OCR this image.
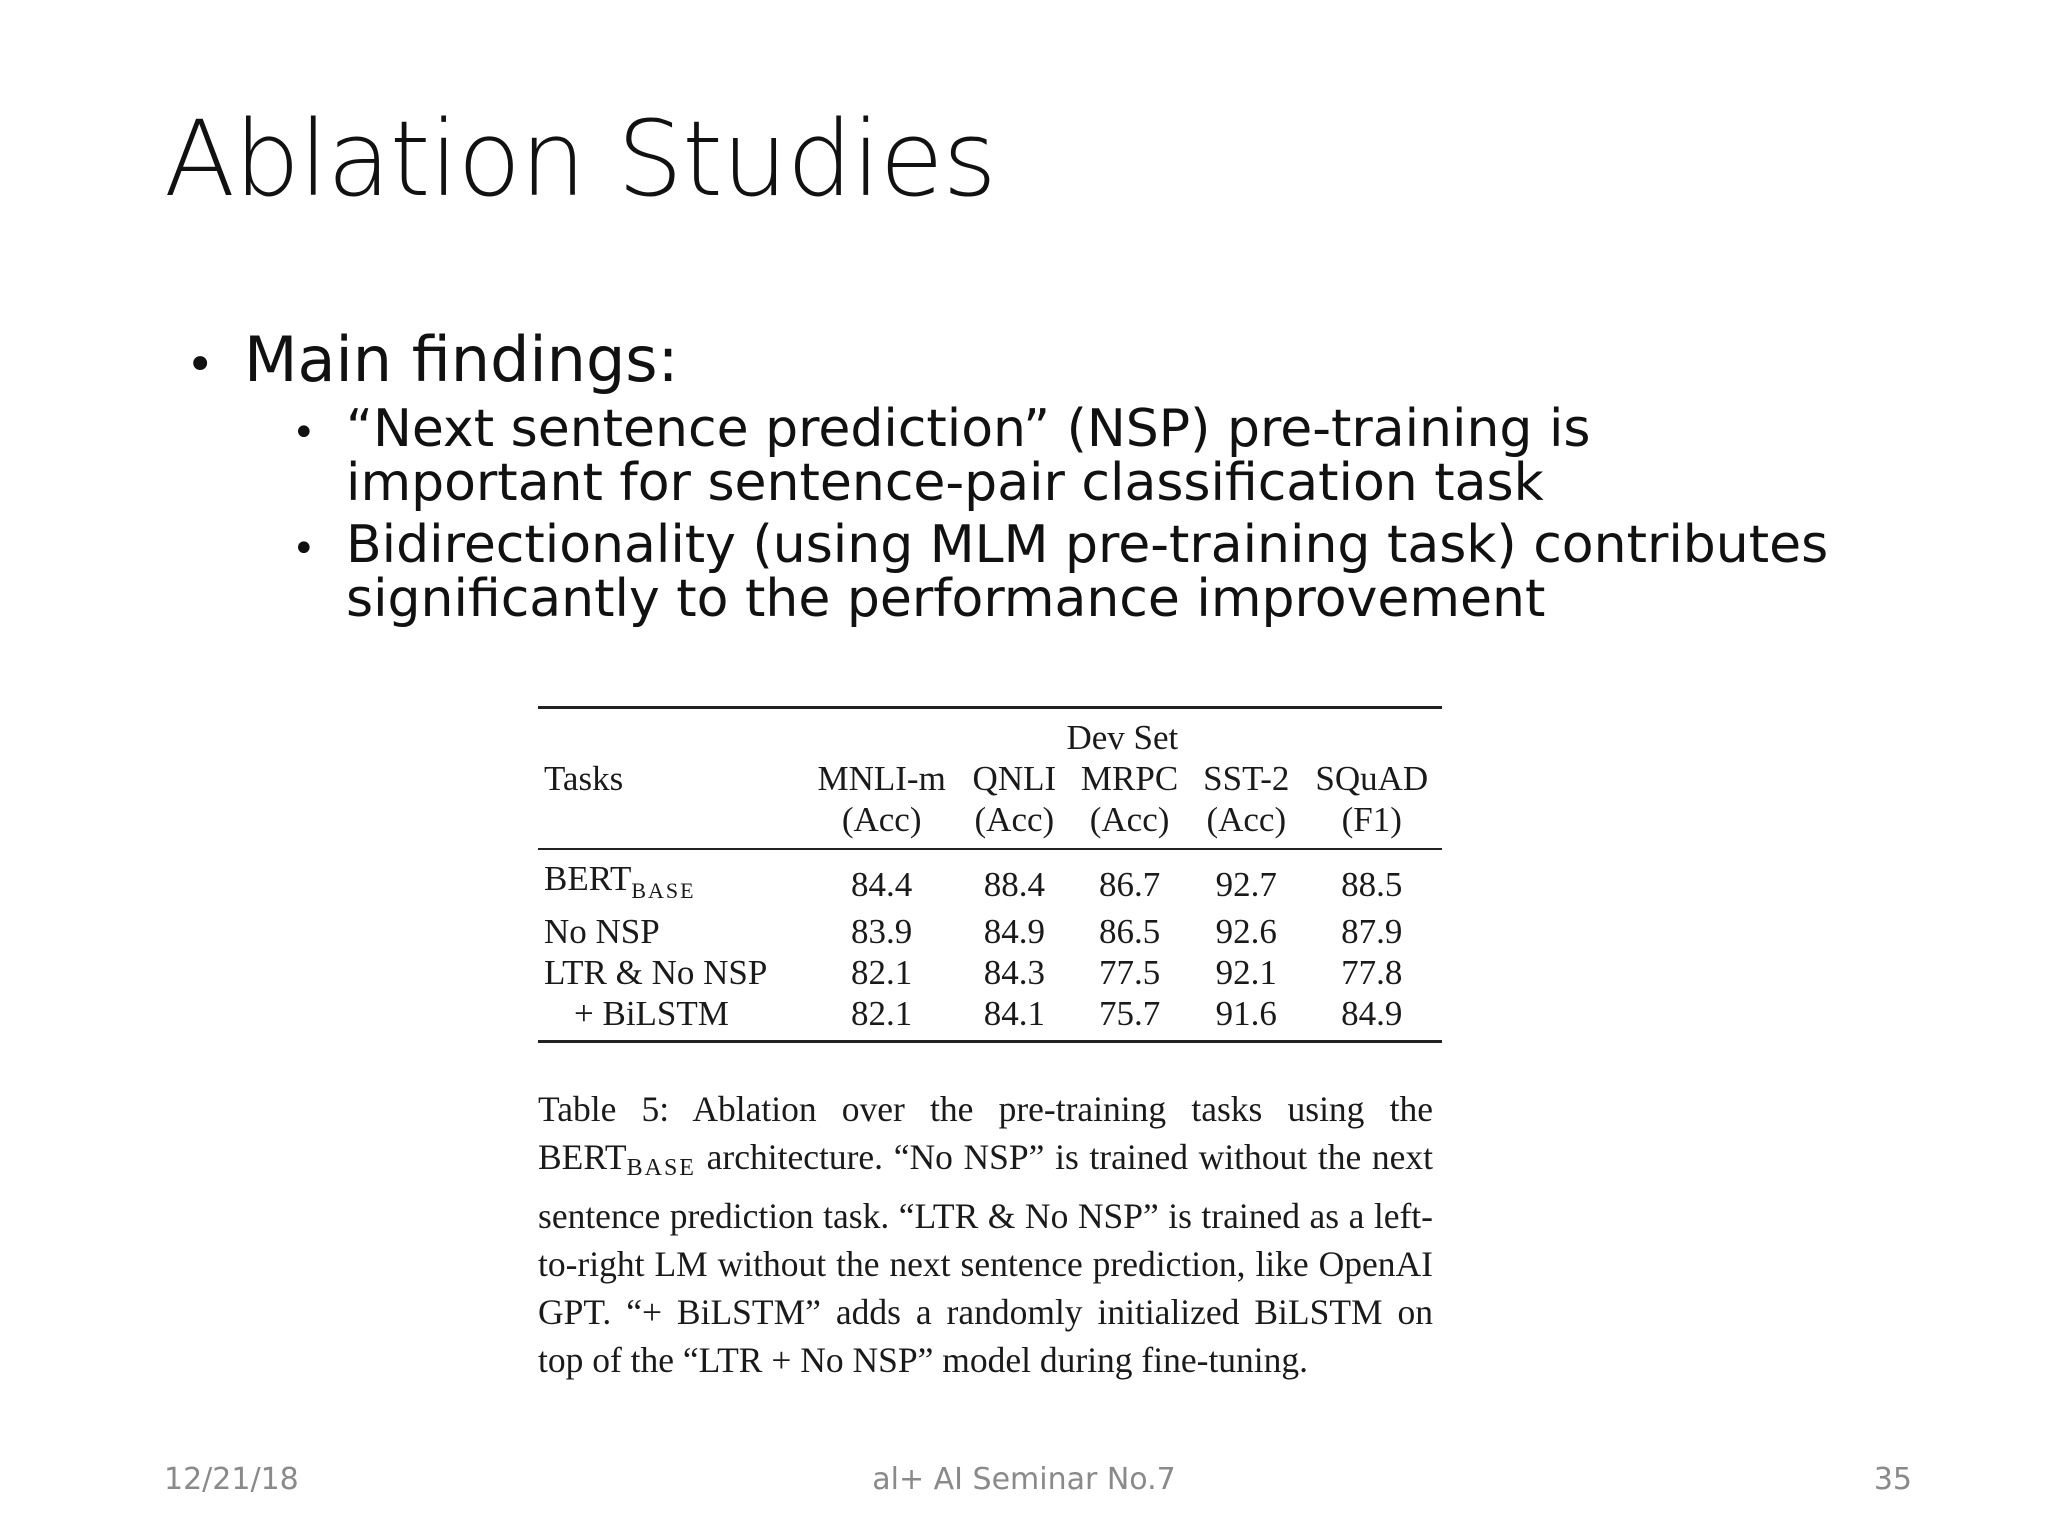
Ablation Studies
• Main findings:
• “Next sentence prediction” (NSP) pre-training is important for sentence-pair classification task
• Bidirectionality (using MLM pre-training task) contributes significantly to the performance improvement
	Dev Set				
Tasks	MNLI-m	QNLI	MRPC	SST-2	SQuAD
	(Acc)	(Acc)	(Acc)	(Acc)	(F1)
$BERT_{BASE}$	84.4	88.4	86.7	92.7	88.5
No NSP	83.9	84.9	86.5	92.6	87.9
LTR & No NSP	82.1	84.3	77.5	92.1	77.8
+ BiLSTM	82.1	84.1	75.7	91.6	84.9

Table 5: Ablation over the pre-training tasks using the $BERT_{BASE}$ architecture. “No NSP” is trained without the next sentence prediction task. “LTR & No NSP” is trained as a left-to-right LM without the next sentence prediction, like OpenAI GPT. “+ BiLSTM” adds a randomly initialized BiLSTM on top of the “LTR + No NSP” model during fine-tuning.

12/21/18	al+ AI Seminar No.7	35
